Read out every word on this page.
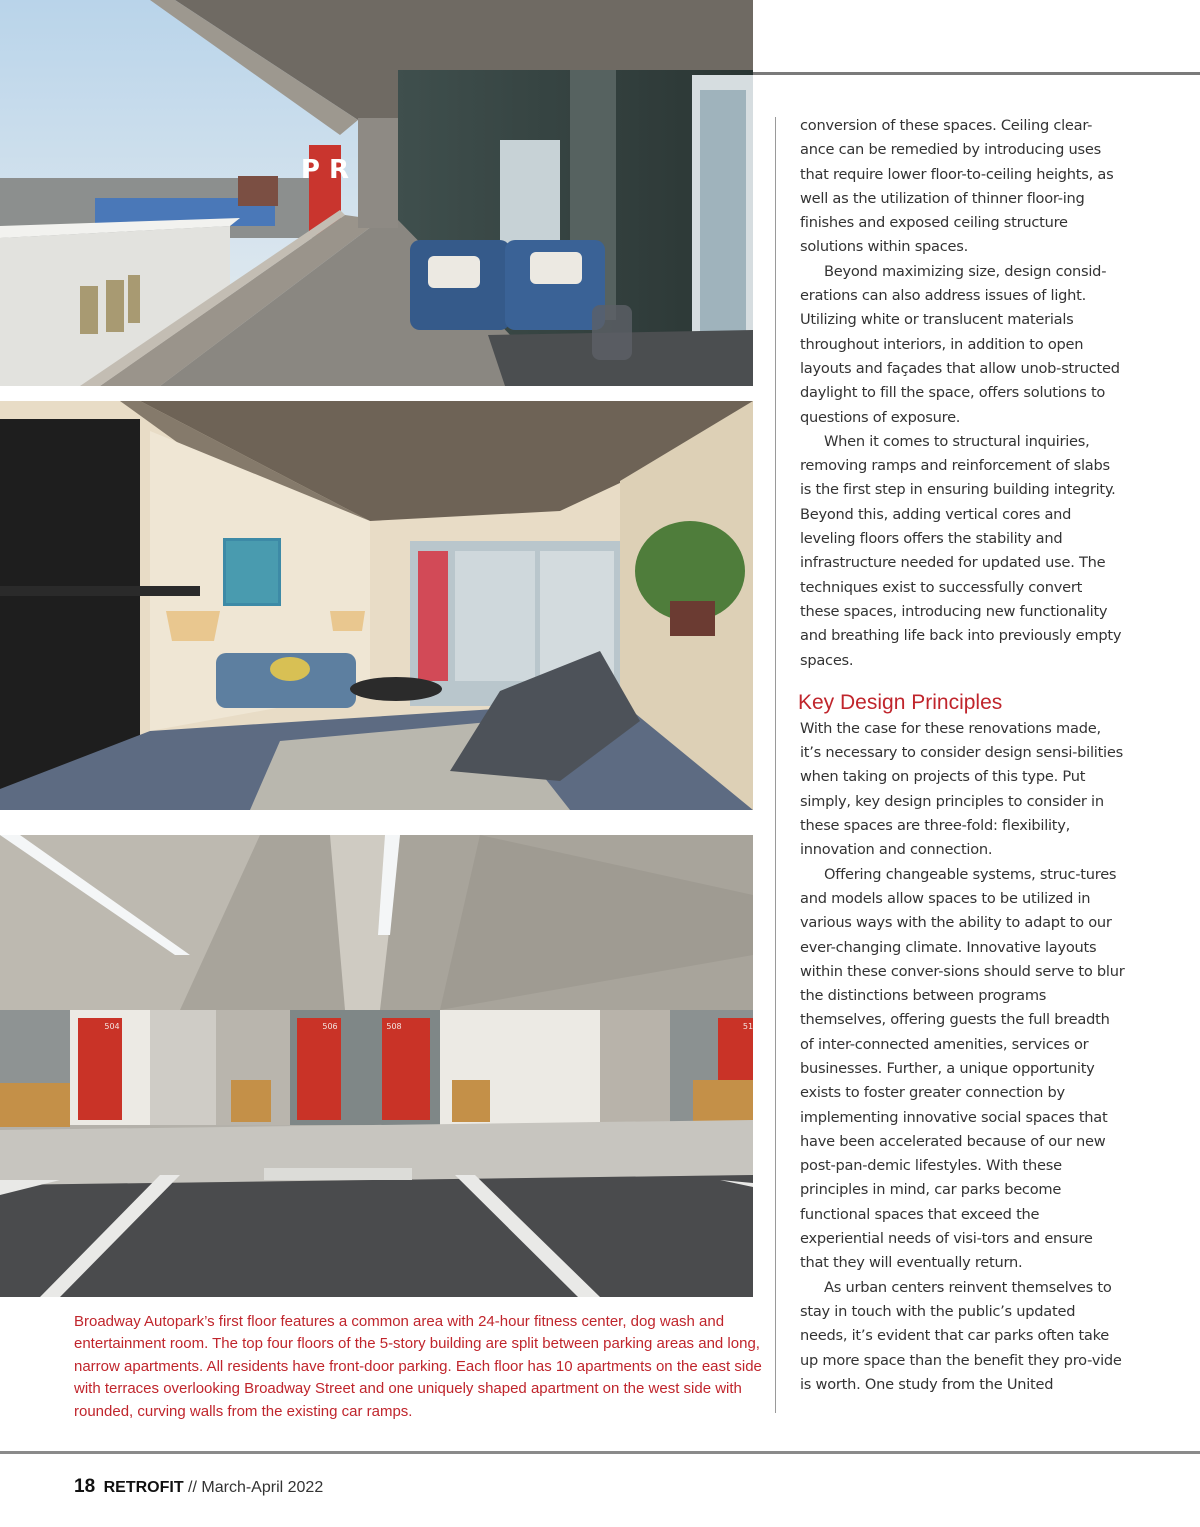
P R
504	506	508	51

Broadway Autopark’s first floor features a common area with 24-hour fitness center, dog wash and entertainment room. The top four floors of the 5-story building are split between parking areas and long, narrow apartments. All residents have front-door parking. Each floor has 10 apartments on the east side with terraces overlooking Broadway Street and one uniquely shaped apartment on the west side with rounded, curving walls from the existing car ramps.

conversion of these spaces. Ceiling clear-ance can be remedied by introducing uses that require lower floor-to-ceiling heights, as well as the utilization of thinner floor-ing finishes and exposed ceiling structure solutions within spaces.

Beyond maximizing size, design consid-erations can also address issues of light. Utilizing white or translucent materials throughout interiors, in addition to open layouts and façades that allow unob-structed daylight to fill the space, offers solutions to questions of exposure.

When it comes to structural inquiries, removing ramps and reinforcement of slabs is the first step in ensuring building integrity. Beyond this, adding vertical cores and leveling floors offers the stability and infrastructure needed for updated use. The techniques exist to successfully convert these spaces, introducing new functionality and breathing life back into previously empty spaces.

Key Design Principles

With the case for these renovations made, it’s necessary to consider design sensi-bilities when taking on projects of this type. Put simply, key design principles to consider in these spaces are three-fold: flexibility, innovation and connection.

Offering changeable systems, struc-tures and models allow spaces to be utilized in various ways with the ability to adapt to our ever-changing climate. Innovative layouts within these conver-sions should serve to blur the distinctions between programs themselves, offering guests the full breadth of inter-connected amenities, services or businesses. Further, a unique opportunity exists to foster greater connection by implementing innovative social spaces that have been accelerated because of our new post-pan-demic lifestyles. With these principles in mind, car parks become functional spaces that exceed the experiential needs of visi-tors and ensure that they will eventually return.

As urban centers reinvent themselves to stay in touch with the public’s updated needs, it’s evident that car parks often take up more space than the benefit they pro-vide is worth. One study from the United

18 RETROFIT // March-April 2022
